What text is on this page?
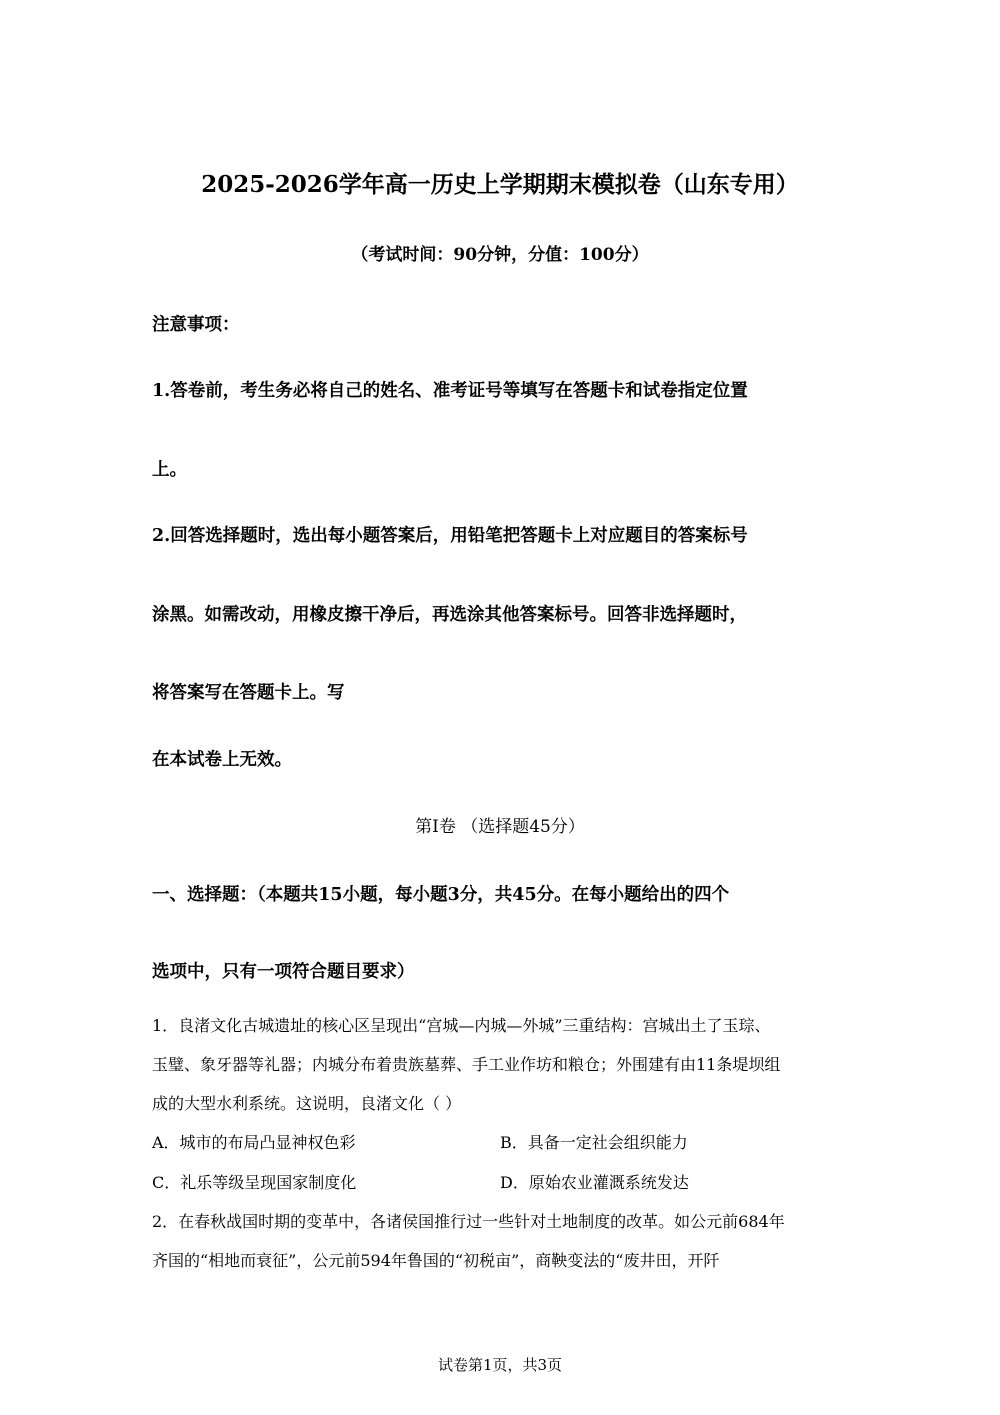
2025-2026学年高一历史上学期期末模拟卷（山东专用）
（考试时间：90分钟，分值：100分）
注意事项：
1.答卷前，考生务必将自己的姓名、准考证号等填写在答题卡和试卷指定位置
上。
2.回答选择题时，选出每小题答案后，用铅笔把答题卡上对应题目的答案标号
涂黑。如需改动，用橡皮擦干净后，再选涂其他答案标号。回答非选择题时，
将答案写在答题卡上。写
在本试卷上无效。
第Ⅰ卷 （选择题45分）
一、选择题：（本题共15小题，每小题3分，共45分。在每小题给出的四个
选项中，只有一项符合题目要求）
1．良渚文化古城遗址的核心区呈现出“宫城—内城—外城”三重结构：宫城出土了玉琮、
玉璧、象牙器等礼器；内城分布着贵族墓葬、手工业作坊和粮仓；外围建有由11条堤坝组
成的大型水利系统。这说明，良渚文化（ ）
A．城市的布局凸显神权色彩	B．具备一定社会组织能力
C．礼乐等级呈现国家制度化	D．原始农业灌溉系统发达
2．在春秋战国时期的变革中，各诸侯国推行过一些针对土地制度的改革。如公元前684年
齐国的“相地而衰征”，公元前594年鲁国的“初税亩”，商鞅变法的“废井田，开阡
试卷第1页，共3页
